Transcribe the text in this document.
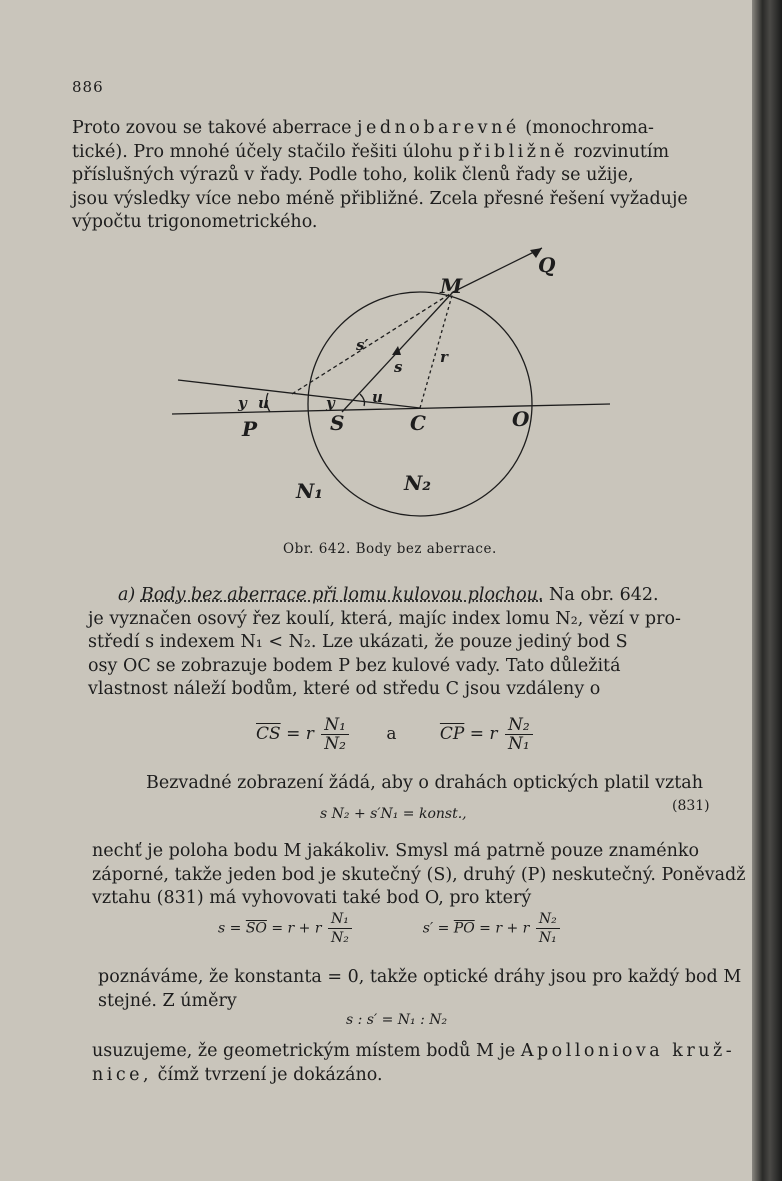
886
Proto zovou se takové aberrace jednobarevné (monochroma-
tické). Pro mnohé účely stačilo řešiti úlohu přibližně rozvinutím
příslušných výrazů v řady. Podle toho, kolik členů řady se užije,
jsou výsledky více nebo méně přibližné. Zcela přesné řešení vyžaduje
výpočtu trigonometrického.
M
Q
s′
s
r
y u	y u
P	S	C	O
N₁	N₂
Obr. 642. Body bez aberrace.
a) Body bez aberrace při lomu kulovou plochou. Na obr. 642.
je vyznačen osový řez koulí, která, majíc index lomu N₂, vězí v pro-
středí s indexem N₁ < N₂. Lze ukázati, že pouze jediný bod S
osy OC se zobrazuje bodem P bez kulové vady. Tato důležitá
vlastnost náleží bodům, které od středu C jsou vzdáleny o
$\overline{CS} = r \frac{\text{N₁}}{\text{N₂}}$ a	$\overline{CP} = r \frac{\text{N₂}}{\text{N₁}}$
Bezvadné zobrazení žádá, aby o drahách optických platil vztah
s N₂ + s′N₁ = konst.,	(831)
nechť je poloha bodu M jakákoliv. Smysl má patrně pouze znaménko
záporné, takže jeden bod je skutečný (S), druhý (P) neskutečný. Poněvadž
vztahu (831) má vyhovovati také bod O, pro který
$s = \overline{SO} = r + r \frac{\text{N₁}}{\text{N₂}}$	$s' = \overline{PO} = r + r \frac{\text{N₂}}{\text{N₁}}$
poznáváme, že konstanta = 0, takže optické dráhy jsou pro každý bod M
stejné. Z úměry
s : s′ = N₁ : N₂
usuzujeme, že geometrickým místem bodů M je Apolloniova kruž-
nice, čímž tvrzení je dokázáno.
